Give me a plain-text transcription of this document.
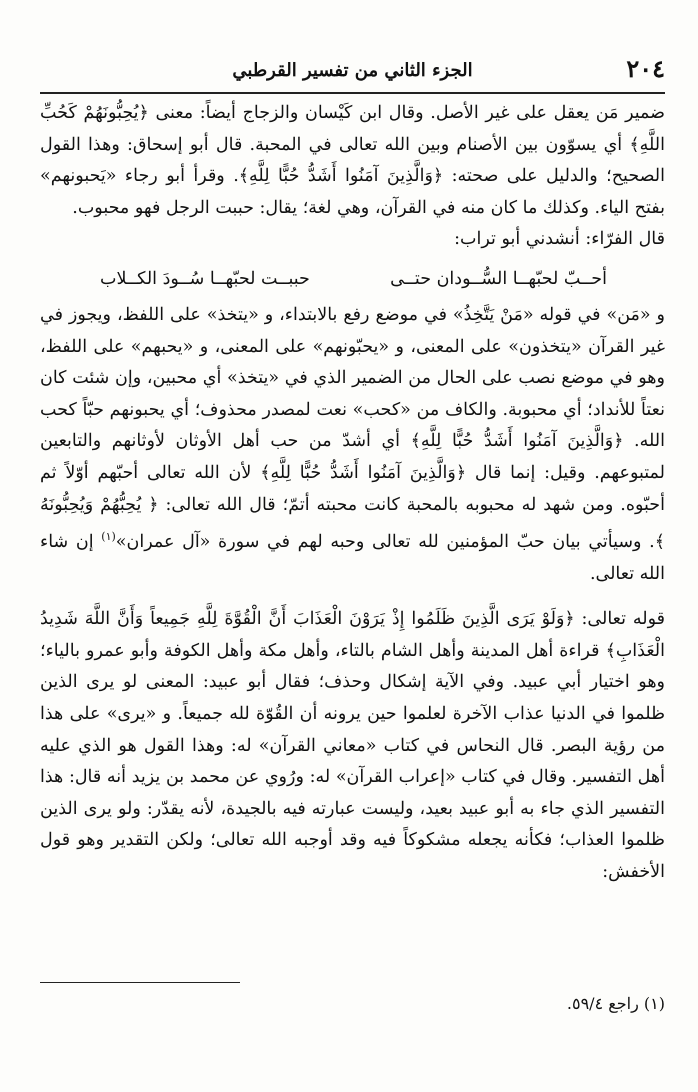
٢٠٤
الجزء الثاني من تفسير القرطبي

ضمير مَن يعقل على غير الأصل. وقال ابن كَيْسان والزجاج أيضاً: معنى ﴿يُحِبُّونَهُمْ كَحُبِّ اللَّهِ﴾ أي يسوّون بين الأصنام وبين الله تعالى في المحبة. قال أبو إسحاق: وهذا القول الصحيح؛ والدليل على صحته: ﴿وَالَّذِينَ آمَنُوا أَشَدُّ حُبًّا لِلَّهِ﴾. وقرأ أبو رجاء «يَحبونهم» بفتح الياء. وكذلك ما كان منه في القرآن، وهي لغة؛ يقال: حببت الرجل فهو محبوب.

قال الفرّاء: أنشدني أبو تراب:

أحــبّ لحبّهــا السُّــودان حتــى
حببــت لحبّهــا سُــودَ الكــلاب

و «مَن» في قوله «مَنْ يَتَّخِذُ» في موضع رفع بالابتداء، و «يتخذ» على اللفظ، ويجوز في غير القرآن «يتخذون» على المعنى، و «يحبّونهم» على المعنى، و «يحبهم» على اللفظ، وهو في موضع نصب على الحال من الضمير الذي في «يتخذ» أي محبين، وإن شئت كان نعتاً للأنداد؛ أي محبوبة. والكاف من «كحب» نعت لمصدر محذوف؛ أي يحبونهم حبّاً كحب الله. ﴿وَالَّذِينَ آمَنُوا أَشَدُّ حُبًّا لِلَّهِ﴾ أي أشدّ من حب أهل الأوثان لأوثانهم والتابعين لمتبوعهم. وقيل: إنما قال ﴿وَالَّذِينَ آمَنُوا أَشَدُّ حُبًّا لِلَّهِ﴾ لأن الله تعالى أحبّهم أوّلاً ثم أحبّوه. ومن شهد له محبوبه بالمحبة كانت محبته أتمّ؛ قال الله تعالى: ﴿ يُحِبُّهُمْ وَيُحِبُّونَهُ ﴾. وسيأتي بيان حبّ المؤمنين لله تعالى وحبه لهم في سورة «آل عمران»$^{(١)}$ إن شاء الله تعالى.

قوله تعالى: ﴿وَلَوْ يَرَى الَّذِينَ ظَلَمُوا إِذْ يَرَوْنَ الْعَذَابَ أَنَّ الْقُوَّةَ لِلَّهِ جَمِيعاً وَأَنَّ اللَّهَ شَدِيدُ الْعَذَابِ﴾ قراءة أهل المدينة وأهل الشام بالتاء، وأهل مكة وأهل الكوفة وأبو عمرو بالياء؛ وهو اختيار أبي عبيد. وفي الآية إشكال وحذف؛ فقال أبو عبيد: المعنى لو يرى الذين ظلموا في الدنيا عذاب الآخرة لعلموا حين يرونه أن القُوّة لله جميعاً. و «يرى» على هذا من رؤية البصر. قال النحاس في كتاب «معاني القرآن» له: وهذا القول هو الذي عليه أهل التفسير. وقال في كتاب «إعراب القرآن» له: ورُوي عن محمد بن يزيد أنه قال: هذا التفسير الذي جاء به أبو عبيد بعيد، وليست عبارته فيه بالجيدة، لأنه يقدّر: ولو يرى الذين ظلموا العذاب؛ فكأنه يجعله مشكوكاً فيه وقد أوجبه الله تعالى؛ ولكن التقدير وهو قول الأخفش:

(١) راجع ٥٩/٤.
